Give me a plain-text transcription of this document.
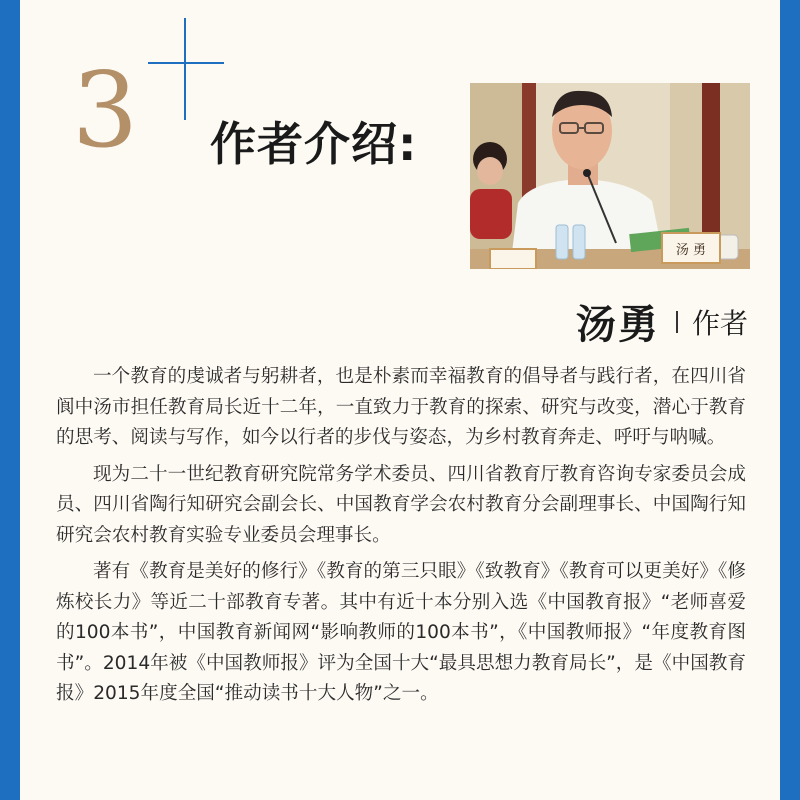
3 作者介绍:
汤 勇
汤勇 作者

一个教育的虔诚者与躬耕者，也是朴素而幸福教育的倡导者与践行者，在四川省阆中汤市担任教育局长近十二年，一直致力于教育的探索、研究与改变，潜心于教育的思考、阅读与写作，如今以行者的步伐与姿态，为乡村教育奔走、呼吁与呐喊。

现为二十一世纪教育研究院常务学术委员、四川省教育厅教育咨询专家委员会成员、四川省陶行知研究会副会长、中国教育学会农村教育分会副理事长、中国陶行知研究会农村教育实验专业委员会理事长。

著有《教育是美好的修行》《教育的第三只眼》《致教育》《教育可以更美好》《修炼校长力》等近二十部教育专著。其中有近十本分别入选《中国教育报》“老师喜爱的100本书”，中国教育新闻网“影响教师的100本书”，《中国教师报》“年度教育图书”。2014年被《中国教师报》评为全国十大“最具思想力教育局长”，是《中国教育报》2015年度全国“推动读书十大人物”之一。
